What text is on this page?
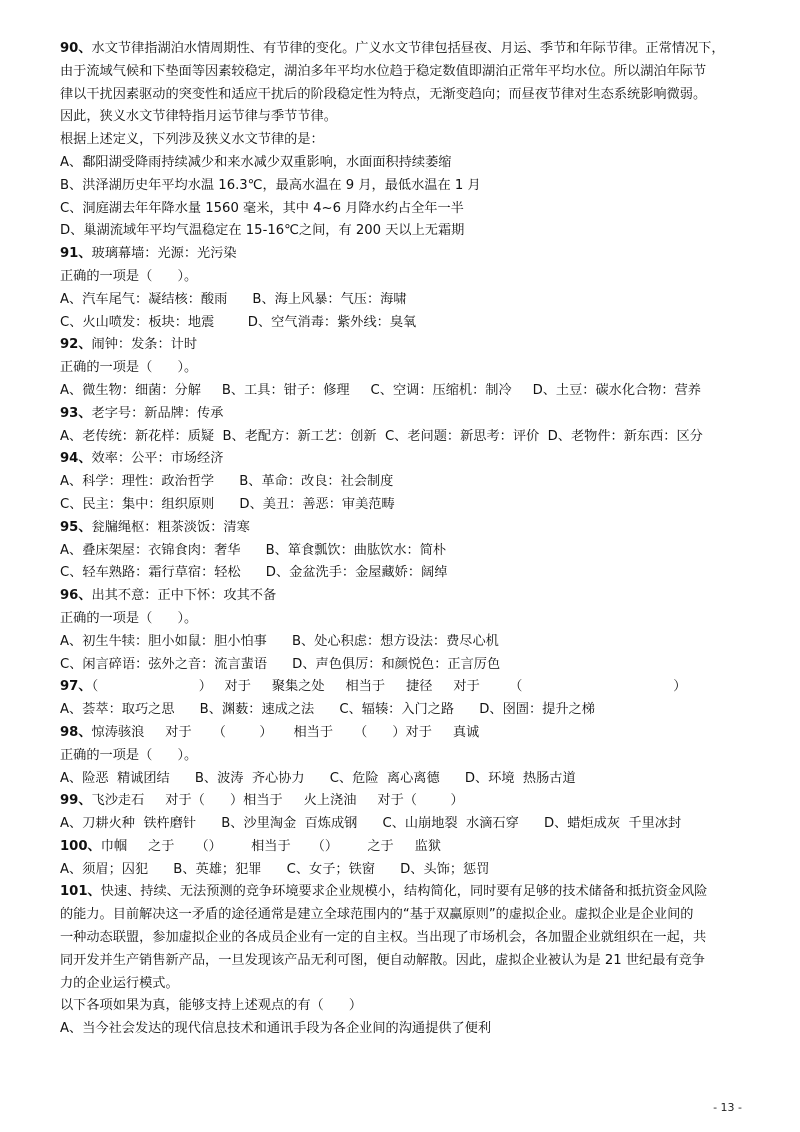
90、水文节律指湖泊水情周期性、有节律的变化。广义水文节律包括昼夜、月运、季节和年际节律。正常情况下，

由于流域气候和下垫面等因素较稳定，湖泊多年平均水位趋于稳定数值即湖泊正常年平均水位。所以湖泊年际节

律以干扰因素驱动的突变性和适应干扰后的阶段稳定性为特点，无渐变趋向；而昼夜节律对生态系统影响微弱。

因此，狭义水文节律特指月运节律与季节节律。

根据上述定义，下列涉及狭义水文节律的是：

A、鄱阳湖受降雨持续减少和来水减少双重影响，水面面积持续萎缩

B、洪泽湖历史年平均水温 16.3℃，最高水温在 9 月，最低水温在 1 月

C、洞庭湖去年年降水量 1560 毫米，其中 4~6 月降水约占全年一半

D、巢湖流域年平均气温稳定在 15-16℃之间，有 200 天以上无霜期

91、玻璃幕墙：光源：光污染

正确的一项是（      ）。

A、汽车尾气：凝结核：酸雨      B、海上风暴：气压：海啸

C、火山喷发：板块：地震        D、空气消毒：紫外线：臭氧

92、闹钟：发条：计时

正确的一项是（      ）。

A、微生物：细菌：分解     B、工具：钳子：修理     C、空调：压缩机：制冷     D、土豆：碳水化合物：营养

93、老字号：新品牌：传承

A、老传统：新花样：质疑  B、老配方：新工艺：创新  C、老问题：新思考：评价  D、老物件：新东西：区分

94、效率：公平：市场经济

A、科学：理性：政治哲学      B、革命：改良：社会制度

C、民主：集中：组织原则      D、美丑：善恶：审美范畴

95、瓮牖绳枢：粗茶淡饭：清寒

A、叠床架屋：衣锦食肉：奢华      B、箪食瓢饮：曲肱饮水：简朴

C、轻车熟路：霜行草宿：轻松      D、金盆洗手：金屋藏娇：阔绰

96、出其不意：正中下怀：攻其不备

正确的一项是（      ）。

A、初生牛犊：胆小如鼠：胆小怕事      B、处心积虑：想方设法：费尽心机

C、闲言碎语：弦外之音：流言蜚语      D、声色俱厉：和颜悦色：正言厉色

97、（                        ）   对于     聚集之处     相当于     捷径     对于       （                                    ）

A、荟萃：取巧之思      B、渊薮：速成之法      C、辐辏：入门之路      D、囹圄：提升之梯

98、惊涛骇浪     对于     （        ）     相当于     （      ）对于     真诚

正确的一项是（      ）。

A、险恶  精诚团结      B、波涛  齐心协力      C、危险  离心离德      D、环境  热肠古道

99、飞沙走石     对于（      ）相当于     火上浇油     对于（        ）

A、刀耕火种  铁杵磨针      B、沙里淘金  百炼成钢      C、山崩地裂  水滴石穿      D、蜡炬成灰  千里冰封

100、巾帼     之于     （）       相当于     （）       之于     监狱

A、须眉；囚犯      B、英雄；犯罪      C、女子；铁窗      D、头饰；惩罚

101、快速、持续、无法预测的竞争环境要求企业规模小，结构简化，同时要有足够的技术储备和抵抗资金风险

的能力。目前解决这一矛盾的途径通常是建立全球范围内的“基于双赢原则”的虚拟企业。虚拟企业是企业间的

一种动态联盟，参加虚拟企业的各成员企业有一定的自主权。当出现了市场机会，各加盟企业就组织在一起，共

同开发并生产销售新产品，一旦发现该产品无利可图，便自动解散。因此，虚拟企业被认为是 21 世纪最有竞争

力的企业运行模式。

以下各项如果为真，能够支持上述观点的有（      ）

A、当今社会发达的现代信息技术和通讯手段为各企业间的沟通提供了便利

- 13 -
